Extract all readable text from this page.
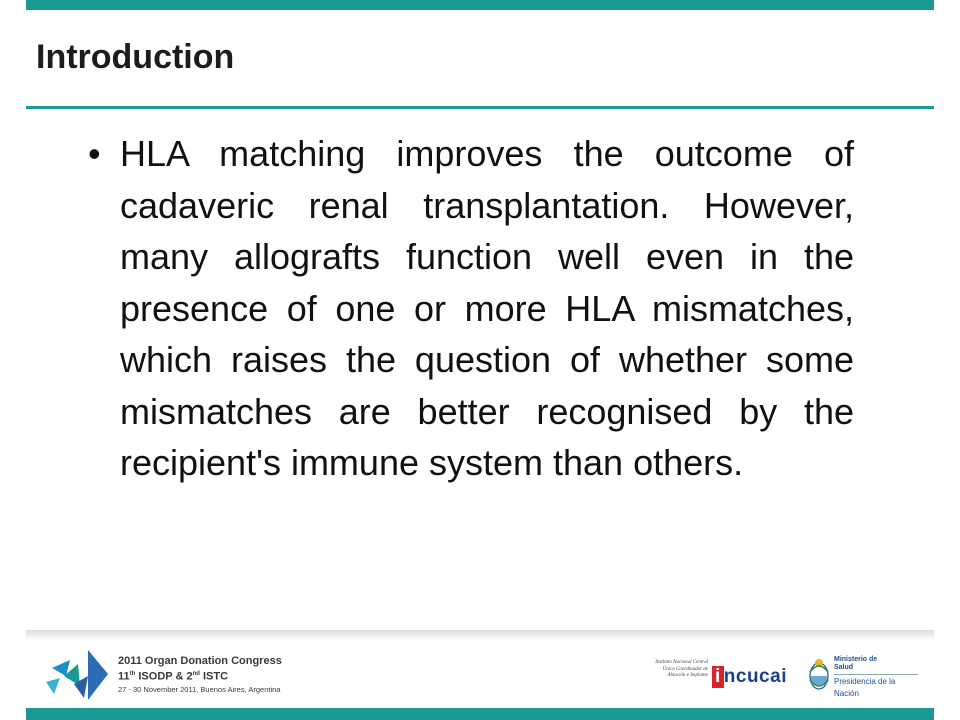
Introduction
• HLA matching improves the outcome of cadaveric renal transplantation. However, many allografts function well even in the presence of one or more HLA mismatches, which raises the question of whether some mismatches are better recognised by the recipient's immune system than others.
2011 Organ Donation Congress
11th ISODP & 2nd ISTC
27 - 30 November 2011, Buenos Aires, Argentina
Instituto Nacional Central Único Coordinador de Ablación e Implante i ncucai
Ministerio de
Salud
Presidencia de la Nación
